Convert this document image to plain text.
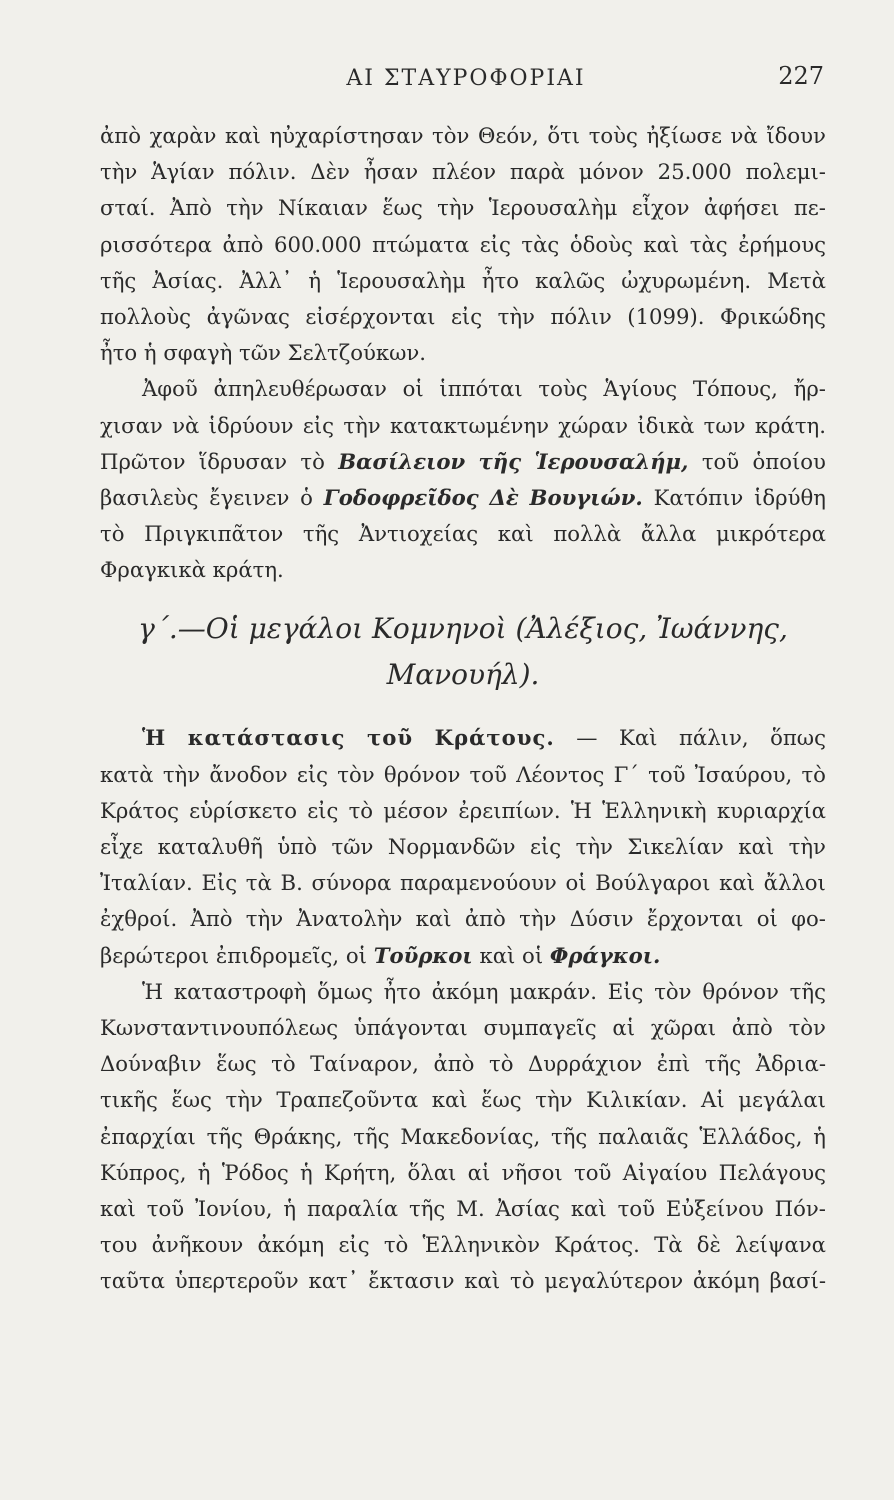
ΑΙ ΣΤΑΥΡΟΦΟΡΙΑΙ	227
ἀπὸ χαρὰν καὶ ηὐχαρίστησαν τὸν Θεόν, ὅτι τοὺς ἠξίωσε νὰ ἴδουν
τὴν Ἁγίαν πόλιν. Δὲν ἦσαν πλέον παρὰ μόνον 25.000 πολεμι-
σταί. Ἀπὸ τὴν Νίκαιαν ἕως τὴν Ἱερουσαλὴμ εἶχον ἀφήσει πε-
ρισσότερα ἀπὸ 600.000 πτώματα εἰς τὰς ὁδοὺς καὶ τὰς ἐρήμους
τῆς Ἀσίας. Ἀλλ᾽ ἡ Ἱερουσαλὴμ ἦτο καλῶς ὠχυρωμένη. Μετὰ
πολλοὺς ἀγῶνας εἰσέρχονται εἰς τὴν πόλιν (1099). Φρικώδης
ἦτο ἡ σφαγὴ τῶν Σελτζούκων.
Ἀφοῦ ἀπηλευθέρωσαν οἱ ἱππόται τοὺς Ἁγίους Τόπους, ἤρ-
χισαν νὰ ἱδρύουν εἰς τὴν κατακτωμένην χώραν ἰδικὰ των κράτη.
Πρῶτον ἵδρυσαν τὸ Βασίλειον τῆς Ἱερουσαλήμ, τοῦ ὁποίου
βασιλεὺς ἔγεινεν ὁ Γοδοφρεῖδος Δὲ Βουγιών. Κατόπιν ἱδρύθη
τὸ Πριγκιπᾶτον τῆς Ἀντιοχείας καὶ πολλὰ ἄλλα μικρότερα
Φραγκικὰ κράτη.
γ΄.—Οἱ μεγάλοι Κομνηνοὶ (Ἀλέξιος, Ἰωάννης,
Μανουήλ).
Ἡ κατάστασις τοῦ Κράτους. — Καὶ πάλιν, ὅπως
κατὰ τὴν ἄνοδον εἰς τὸν θρόνον τοῦ Λέοντος Γ΄ τοῦ Ἰσαύρου, τὸ
Κράτος εὑρίσκετο εἰς τὸ μέσον ἐρειπίων. Ἡ Ἑλληνικὴ κυριαρχία
εἶχε καταλυθῆ ὑπὸ τῶν Νορμανδῶν εἰς τὴν Σικελίαν καὶ τὴν
Ἰταλίαν. Εἰς τὰ Β. σύνορα παραμενούουν οἱ Βούλγαροι καὶ ἄλλοι
ἐχθροί. Ἀπὸ τὴν Ἀνατολὴν καὶ ἀπὸ τὴν Δύσιν ἔρχονται οἱ φο-
βερώτεροι ἐπιδρομεῖς, οἱ Τοῦρκοι καὶ οἱ Φράγκοι.
Ἡ καταστροφὴ ὅμως ἦτο ἀκόμη μακράν. Εἰς τὸν θρόνον τῆς
Κωνσταντινουπόλεως ὑπάγονται συμπαγεῖς αἱ χῶραι ἀπὸ τὸν
Δούναβιν ἕως τὸ Ταίναρον, ἀπὸ τὸ Δυρράχιον ἐπὶ τῆς Ἀδρια-
τικῆς ἕως τὴν Τραπεζοῦντα καὶ ἕως τὴν Κιλικίαν. Αἱ μεγάλαι
ἐπαρχίαι τῆς Θράκης, τῆς Μακεδονίας, τῆς παλαιᾶς Ἑλλάδος, ἡ
Κύπρος, ἡ Ῥόδος ἡ Κρήτη, ὅλαι αἱ νῆσοι τοῦ Αἰγαίου Πελάγους
καὶ τοῦ Ἰονίου, ἡ παραλία τῆς Μ. Ἀσίας καὶ τοῦ Εὐξείνου Πόν-
του ἀνῆκουν ἀκόμη εἰς τὸ Ἑλληνικὸν Κράτος. Τὰ δὲ λείψανα
ταῦτα ὑπερτεροῦν κατ᾽ ἔκτασιν καὶ τὸ μεγαλύτερον ἀκόμη βασί-
